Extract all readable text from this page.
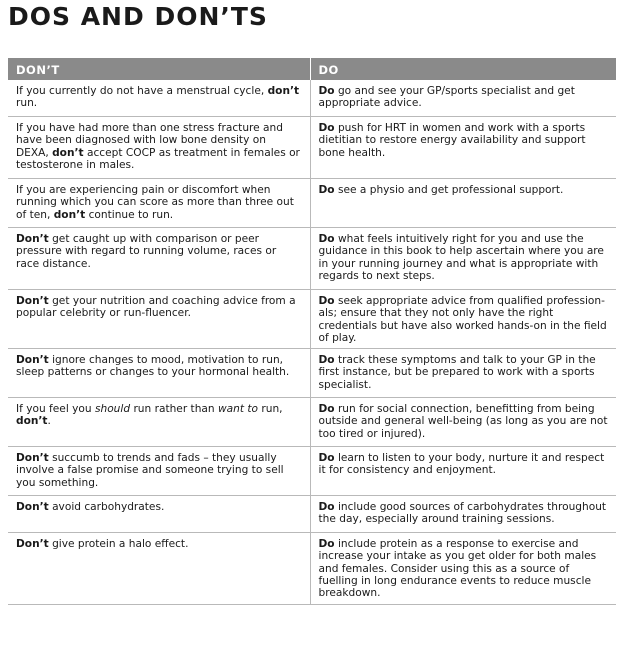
DOS AND DON’TS
DON’T	DO
If you currently do not have a menstrual cycle, don’t run.	Do go and see your GP/sports specialist and get appropriate advice.
If you have had more than one stress fracture and have been diagnosed with low bone density on DEXA, don’t accept COCP as treatment in females or testosterone in males.	Do push for HRT in women and work with a sports dietitian to restore energy availability and support bone health.
If you are experiencing pain or discomfort when running which you can score as more than three out of ten, don’t continue to run.	Do see a physio and get professional support.
Don’t get caught up with comparison or peer pressure with regard to running volume, races or race distance.	Do what feels intuitively right for you and use the guidance in this book to help ascertain where you are in your running journey and what is appropriate with regards to next steps.
Don’t get your nutrition and coaching advice from a popular celebrity or run-fluencer.	Do seek appropriate advice from qualified profession-als; ensure that they not only have the right credentials but have also worked hands-on in the field of play.
Don’t ignore changes to mood, motivation to run, sleep patterns or changes to your hormonal health.	Do track these symptoms and talk to your GP in the first instance, but be prepared to work with a sports specialist.
If you feel you should run rather than want to run, don’t.	Do run for social connection, benefitting from being outside and general well-being (as long as you are not too tired or injured).
Don’t succumb to trends and fads – they usually involve a false promise and someone trying to sell you something.	Do learn to listen to your body, nurture it and respect it for consistency and enjoyment.
Don’t avoid carbohydrates.	Do include good sources of carbohydrates throughout the day, especially around training sessions.
Don’t give protein a halo effect.	Do include protein as a response to exercise and increase your intake as you get older for both males and females. Consider using this as a source of fuelling in long endurance events to reduce muscle breakdown.
